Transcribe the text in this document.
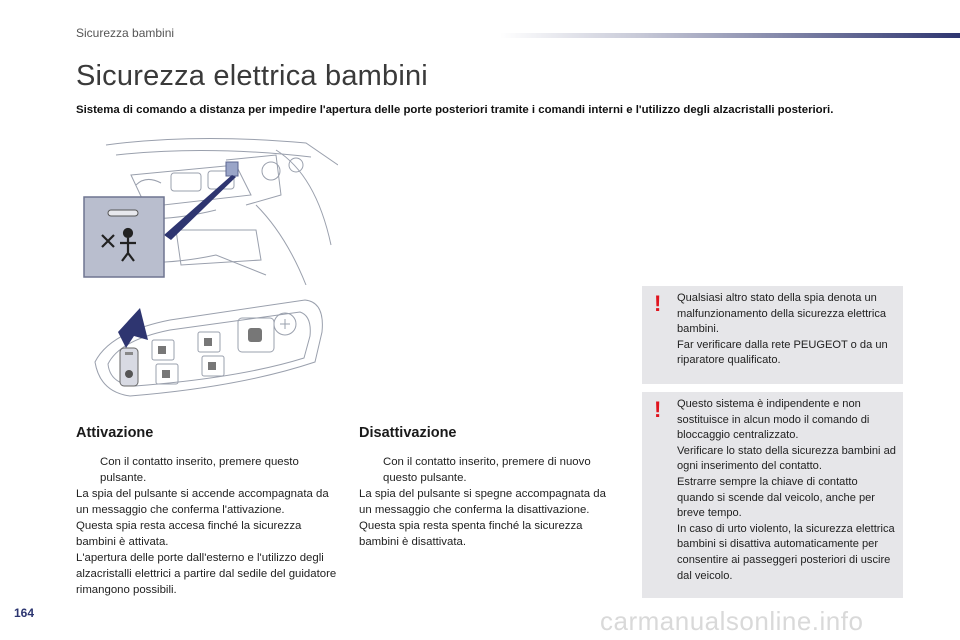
Sicurezza bambini
Sicurezza elettrica bambini
Sistema di comando a distanza per impedire l'apertura delle porte posteriori tramite i comandi interni e l'utilizzo degli alzacristalli posteriori.
Attivazione
Con il contatto inserito, premere questo pulsante.

La spia del pulsante si accende accompagnata da un messaggio che conferma l'attivazione.

Questa spia resta accesa finché la sicurezza bambini è attivata.

L'apertura delle porte dall'esterno e l'utilizzo degli alzacristalli elettrici a partire dal sedile del guidatore rimangono possibili.

Disattivazione
Con il contatto inserito, premere di nuovo questo pulsante.

La spia del pulsante si spegne accompagnata da un messaggio che conferma la disattivazione.

Questa spia resta spenta finché la sicurezza bambini è disattivata.

! Qualsiasi altro stato della spia denota un malfunzionamento della sicurezza elettrica bambini.

Far verificare dalla rete PEUGEOT o da un riparatore qualificato.

! Questo sistema è indipendente e non sostituisce in alcun modo il comando di bloccaggio centralizzato.

Verificare lo stato della sicurezza bambini ad ogni inserimento del contatto.

Estrarre sempre la chiave di contatto quando si scende dal veicolo, anche per breve tempo.

In caso di urto violento, la sicurezza elettrica bambini si disattiva automaticamente per consentire ai passeggeri posteriori di uscire dal veicolo.

164	carmanualsonline.info
